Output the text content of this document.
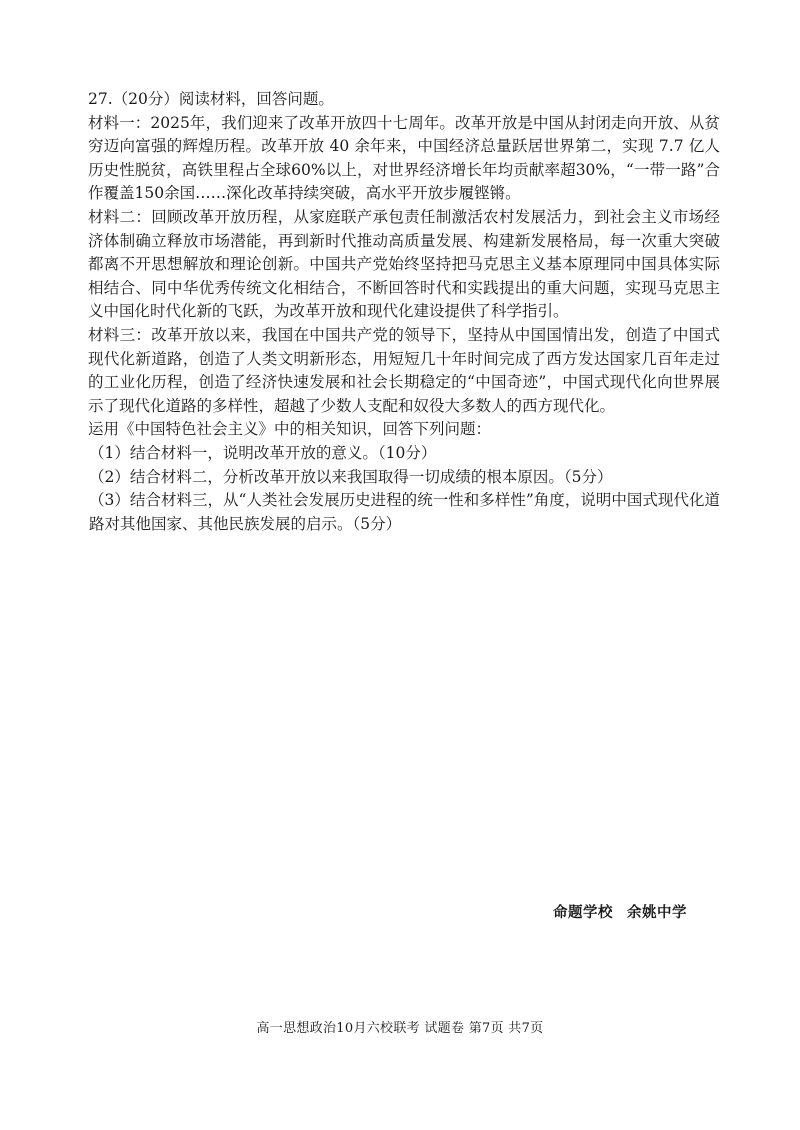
27.（20分）阅读材料，回答问题。

材料一：2025年，我们迎来了改革开放四十七周年。改革开放是中国从封闭走向开放、从贫穷迈向富强的辉煌历程。改革开放 40 余年来，中国经济总量跃居世界第二，实现 7.7 亿人历史性脱贫，高铁里程占全球60%以上，对世界经济增长年均贡献率超30%，“一带一路”合作覆盖150余国……深化改革持续突破，高水平开放步履铿锵。

材料二：回顾改革开放历程，从家庭联产承包责任制激活农村发展活力，到社会主义市场经济体制确立释放市场潜能，再到新时代推动高质量发展、构建新发展格局，每一次重大突破都离不开思想解放和理论创新。中国共产党始终坚持把马克思主义基本原理同中国具体实际相结合、同中华优秀传统文化相结合，不断回答时代和实践提出的重大问题，实现马克思主义中国化时代化新的飞跃，为改革开放和现代化建设提供了科学指引。

材料三：改革开放以来，我国在中国共产党的领导下，坚持从中国国情出发，创造了中国式现代化新道路，创造了人类文明新形态，用短短几十年时间完成了西方发达国家几百年走过的工业化历程，创造了经济快速发展和社会长期稳定的“中国奇迹”，中国式现代化向世界展示了现代化道路的多样性，超越了少数人支配和奴役大多数人的西方现代化。

运用《中国特色社会主义》中的相关知识，回答下列问题：

（1）结合材料一，说明改革开放的意义。（10分）

（2）结合材料二，分析改革开放以来我国取得一切成绩的根本原因。（5分）

（3）结合材料三，从“人类社会发展历史进程的统一性和多样性”角度，说明中国式现代化道路对其他国家、其他民族发展的启示。（5分）

命题学校 余姚中学
高一思想政治10月六校联考 试题卷 第7页 共7页
